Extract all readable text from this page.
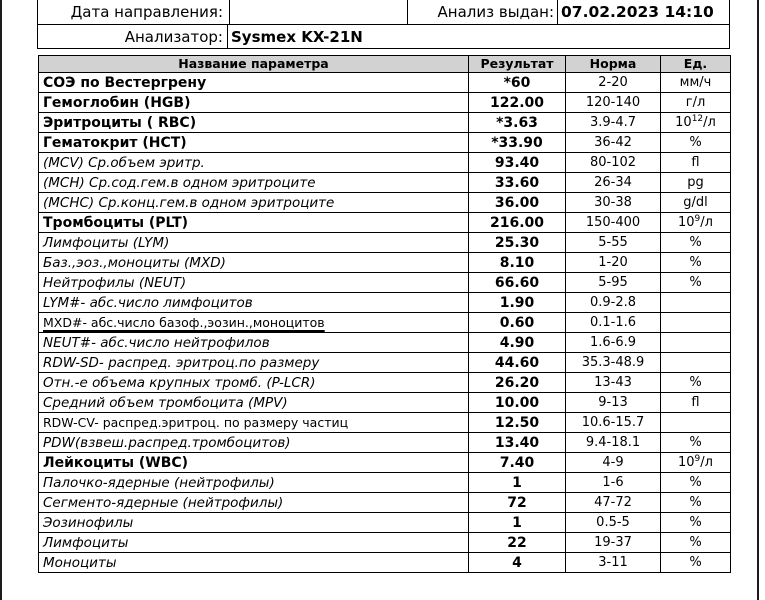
Дата направления:	Анализ выдан: 07.02.2023 14:10
Анализатор: Sysmex KX-21N
Название параметра	Результат	Норма	Ед.
СОЭ по Вестергрену	*60	2-20	мм/ч
Гемоглобин (HGB)	122.00	120-140	г/л
Эритроциты ( RBC)	*3.63	3.9-4.7	$10^{12}/л$
Гематокрит (HCT)	*33.90	36-42	%
(MCV) Ср.объем эритр.	93.40	80-102	fl
(MCH) Ср.сод.гем.в одном эритроците	33.60	26-34	pg
(MCHC) Ср.конц.гем.в одном эритроците	36.00	30-38	g/dl
Тромбоциты (PLT)	216.00	150-400	$10^9/л$
Лимфоциты (LYM)	25.30	5-55	%
Баз.,эоз.,моноциты (MXD)	8.10	1-20	%
Нейтрофилы (NEUT)	66.60	5-95	%
LYM#- абс.число лимфоцитов	1.90	0.9-2.8	
MXD#- абс.число базоф.,эозин.,моноцитов	0.60	0.1-1.6	
NEUT#- абс.число нейтрофилов	4.90	1.6-6.9	
RDW-SD- распред. эритроц.по размеру	44.60	35.3-48.9	
Отн.-е объема крупных тромб. (P-LCR)	26.20	13-43	%
Средний объем тромбоцита (MPV)	10.00	9-13	fl
RDW-CV- распред.эритроц. по размеру частиц	12.50	10.6-15.7	
PDW(взвеш.распред.тромбоцитов)	13.40	9.4-18.1	%
Лейкоциты (WBC)	7.40	4-9	$10^9/л$
Палочко-ядерные (нейтрофилы)	1	1-6	%
Сегменто-ядерные (нейтрофилы)	72	47-72	%
Эозинофилы	1	0.5-5	%
Лимфоциты	22	19-37	%
Моноциты	4	3-11	%
